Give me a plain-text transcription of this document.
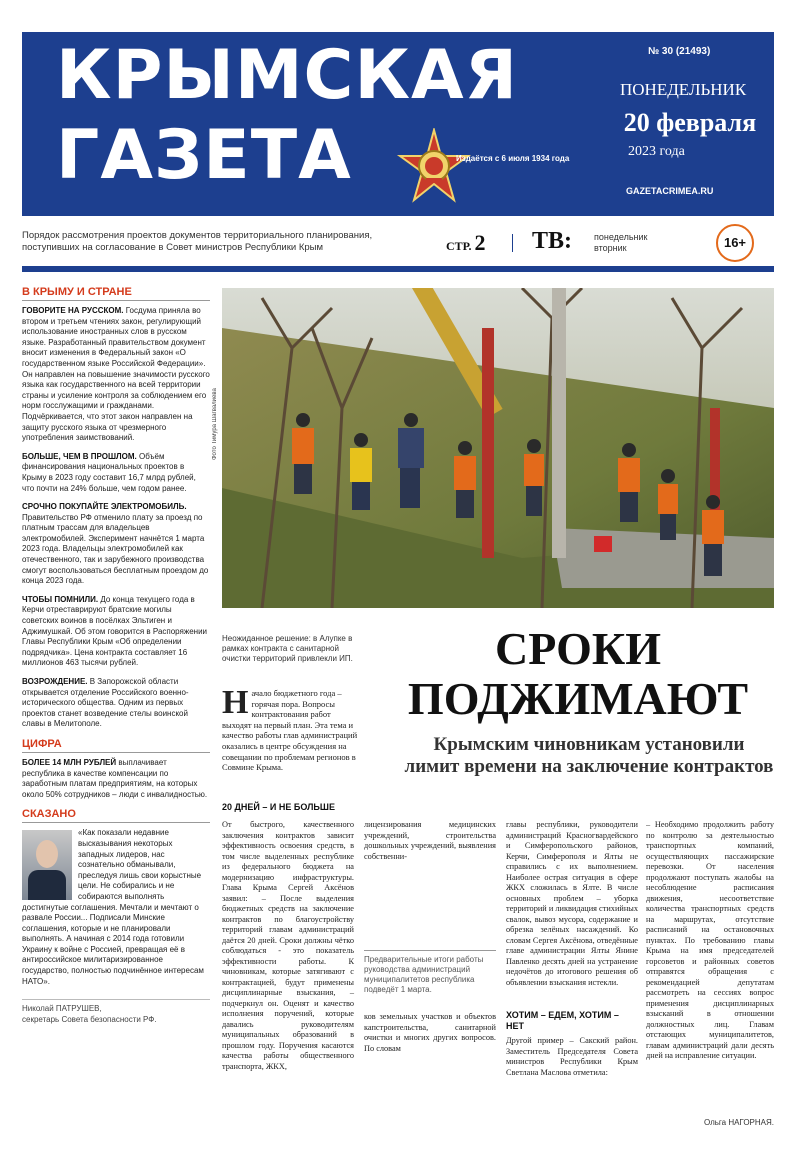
КРЫМСКАЯ
ГАЗЕТА	Издаётся с 6 июля 1934 года
№ 30 (21493)
ПОНЕДЕЛЬНИК
20 февраля
2023 года
GAZETACRIMEA.RU
Порядок рассмотрения проектов документов территориального планирования, поступивших на согласование в Совет министров Республики Крым	СТР. 2 ТВ: понедельник
вторник	16+
В КРЫМУ И СТРАНЕ
ГОВОРИТЕ НА РУССКОМ. Госдума приняла во втором и третьем чтениях закон, регулирующий использование иностранных слов в русском языке. Разработанный правительством документ вносит изменения в Федеральный закон «О государственном языке Российской Федерации». Он направлен на повышение значимости русского языка как государственного на всей территории страны и усиление контроля за соблюдением его норм госслужащими и гражданами. Подчёркивается, что этот закон направлен на защиту русского языка от чрезмерного употребления заимствований.
БОЛЬШЕ, ЧЕМ В ПРОШЛОМ. Объём финансирования национальных проектов в Крыму в 2023 году составит 16,7 млрд рублей, что почти на 24% больше, чем годом ранее.
СРОЧНО ПОКУПАЙТЕ ЭЛЕКТРОМОБИЛЬ. Правительство РФ отменило плату за проезд по платным трассам для владельцев электромобилей. Эксперимент начнётся 1 марта 2023 года. Владельцы электромобилей как отечественного, так и зарубежного производства смогут воспользоваться бесплатным проездом до конца 2023 года.
ЧТОБЫ ПОМНИЛИ. До конца текущего года в Керчи отреставрируют братские могилы советских воинов в посёлках Эльтиген и Аджимушкай. Об этом говорится в Распоряжении Главы Республики Крым «Об определении подрядчика». Цена контракта составляет 16 миллионов 463 тысячи рублей.
ВОЗРОЖДЕНИЕ. В Запорожской области открывается отделение Российского военно-исторического общества. Одним из первых проектов станет возведение стелы воинской славы в Мелитополе.
ЦИФРА
БОЛЕЕ 14 МЛН РУБЛЕЙ выплачивает республика в качестве компенсации по заработным платам предприятиям, на которых около 50% сотрудников – люди с инвалидностью.
СКАЗАНО
«Как показали недавние высказывания некоторых западных лидеров, нас сознательно обманывали, преследуя лишь свои корыстные цели. Не собирались и не собираются выполнять достигнутые соглашения. Мечтали и мечтают о развале России... Подписали Минские соглашения, которые и не планировали выполнять. А начиная с 2014 года готовили Украину к войне с Россией, превращая её в антироссийское милитаризированное государство, полностью подчинённое интересам НАТО».
Николай ПАТРУШЕВ,
секретарь Совета безопасности РФ.
Фото Тимура Шагвалиева
Неожиданное решение: в Алупке в рамках контракта с санитарной очистки территорий привлекли ИП.	СРОКИ
ПОДЖИМАЮТ
Крымским чиновникам установили лимит времени на заключение контрактов
Начало бюджетного года – горячая пора. Вопросы контрактования работ выходят на первый план. Эта тема и качество работы глав администраций оказались в центре обсуждения на совещании по проблемам регионов в Совмине Крыма.
20 ДНЕЙ – И НЕ БОЛЬШЕ
От быстрого, качественного заключения контрактов зависит эффективность освоения средств, в том числе выделенных республике из федерального бюджета на модернизацию инфраструктуры. Глава Крыма Сергей Аксёнов заявил: – После выделения бюджетных средств на заключение контрактов по благоустройству территорий главам администраций даётся 20 дней. Сроки должны чётко соблюдаться - это показатель эффективности работы. К чиновникам, которые затягивают с контрактацией, будут применены дисциплинарные взыскания, – подчеркнул он. Оценят и качество исполнения поручений, которые давались руководителям муниципальных образований в прошлом году. Поручения касаются качества работы общественного транспорта, ЖКХ,
лицензирования медицинских учреждений, строительства дошкольных учреждений, выявления собственни-
Предварительные итоги работы руководства администраций муниципалитетов республика подведёт 1 марта.
ков земельных участков и объектов капстроительства, санитарной очистки и многих других вопросов. По словам
главы республики, руководители администраций Красногвардейского и Симферопольского районов, Керчи, Симферополя и Ялты не справились с их выполнением. Наиболее острая ситуация в сфере ЖКХ сложилась в Ялте. В числе основных проблем – уборка территорий и ликвидация стихийных свалок, вывоз мусора, содержание и обрезка зелёных насаждений. Ко словам Сергея Аксёнова, отведённые главе администрации Ялты Янине Павленко десять дней на устранение недочётов до итогового решения об объявлении взыскания истекли.
ХОТИМ – ЕДЕМ, ХОТИМ – НЕТ
Другой пример – Сакский район. Заместитель Председателя Совета министров Республики Крым Светлана Маслова отметила:
– Необходимо продолжить работу по контролю за деятельностью транспортных компаний, осуществляющих пассажирские перевозки. От населения продолжают поступать жалобы на несоблюдение расписания движения, несоответствие количества транспортных средств на маршрутах, отсутствие расписаний на остановочных пунктах. По требованию главы Крыма на имя председателей горсоветов и районных советов отправятся обращения с рекомендацией депутатам рассмотреть на сессиях вопрос применения дисциплинарных взысканий в отношении должностных лиц. Главам отстающих муниципалитетов, главам администраций дали десять дней на исправление ситуации.
Ольга НАГОРНАЯ.
